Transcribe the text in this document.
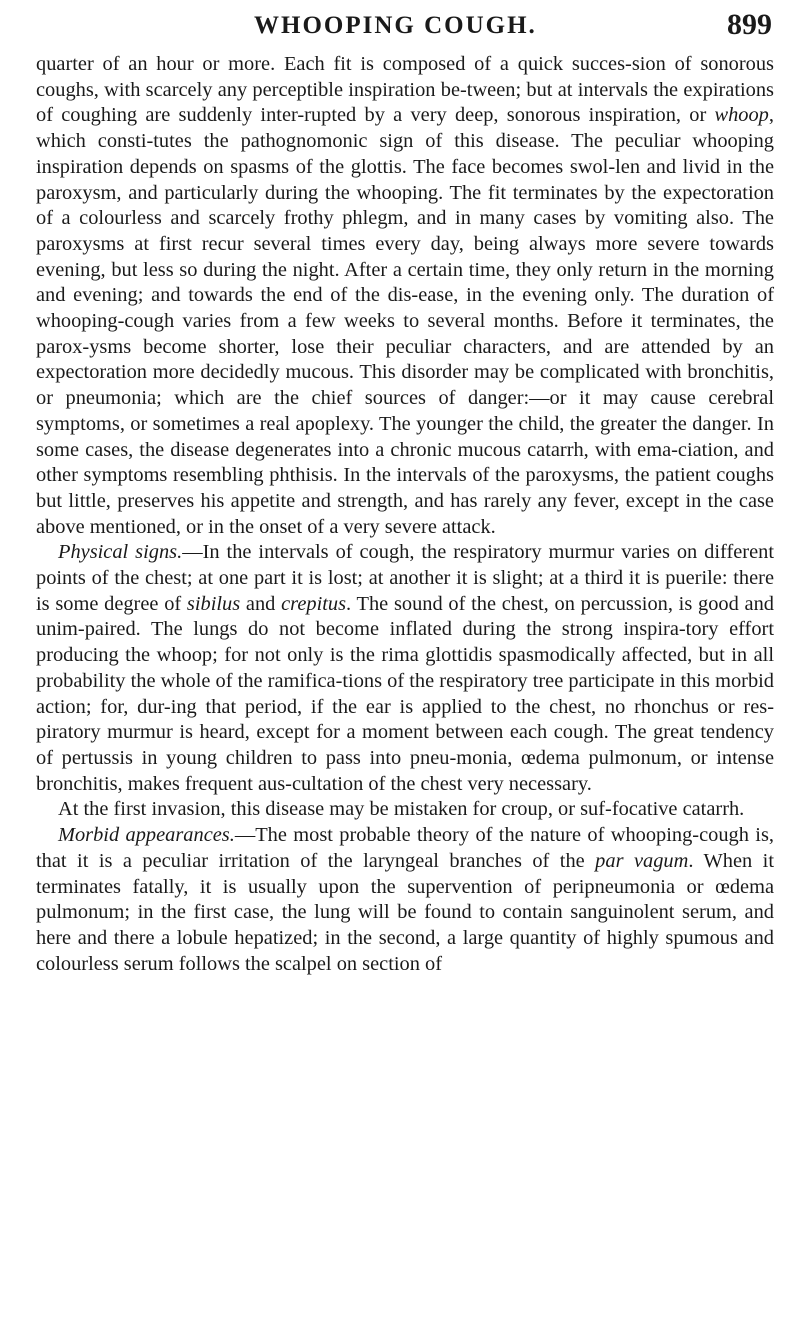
WHOOPING COUGH.	899

quarter of an hour or more. Each fit is composed of a quick succes-sion of sonorous coughs, with scarcely any perceptible inspiration be-tween; but at intervals the expirations of coughing are suddenly inter-rupted by a very deep, sonorous inspiration, or whoop, which consti-tutes the pathognomonic sign of this disease. The peculiar whooping inspiration depends on spasms of the glottis. The face becomes swol-len and livid in the paroxysm, and particularly during the whooping. The fit terminates by the expectoration of a colourless and scarcely frothy phlegm, and in many cases by vomiting also. The paroxysms at first recur several times every day, being always more severe towards evening, but less so during the night. After a certain time, they only return in the morning and evening; and towards the end of the dis-ease, in the evening only. The duration of whooping-cough varies from a few weeks to several months. Before it terminates, the parox-ysms become shorter, lose their peculiar characters, and are attended by an expectoration more decidedly mucous. This disorder may be complicated with bronchitis, or pneumonia; which are the chief sources of danger:—or it may cause cerebral symptoms, or sometimes a real apoplexy. The younger the child, the greater the danger. In some cases, the disease degenerates into a chronic mucous catarrh, with ema-ciation, and other symptoms resembling phthisis. In the intervals of the paroxysms, the patient coughs but little, preserves his appetite and strength, and has rarely any fever, except in the case above mentioned, or in the onset of a very severe attack.

Physical signs.—In the intervals of cough, the respiratory murmur varies on different points of the chest; at one part it is lost; at another it is slight; at a third it is puerile: there is some degree of sibilus and crepitus. The sound of the chest, on percussion, is good and unim-paired. The lungs do not become inflated during the strong inspira-tory effort producing the whoop; for not only is the rima glottidis spasmodically affected, but in all probability the whole of the ramifica-tions of the respiratory tree participate in this morbid action; for, dur-ing that period, if the ear is applied to the chest, no rhonchus or res-piratory murmur is heard, except for a moment between each cough. The great tendency of pertussis in young children to pass into pneu-monia, œdema pulmonum, or intense bronchitis, makes frequent aus-cultation of the chest very necessary.

At the first invasion, this disease may be mistaken for croup, or suf-focative catarrh.

Morbid appearances.—The most probable theory of the nature of whooping-cough is, that it is a peculiar irritation of the laryngeal branches of the par vagum. When it terminates fatally, it is usually upon the supervention of peripneumonia or œdema pulmonum; in the first case, the lung will be found to contain sanguinolent serum, and here and there a lobule hepatized; in the second, a large quantity of highly spumous and colourless serum follows the scalpel on section of
